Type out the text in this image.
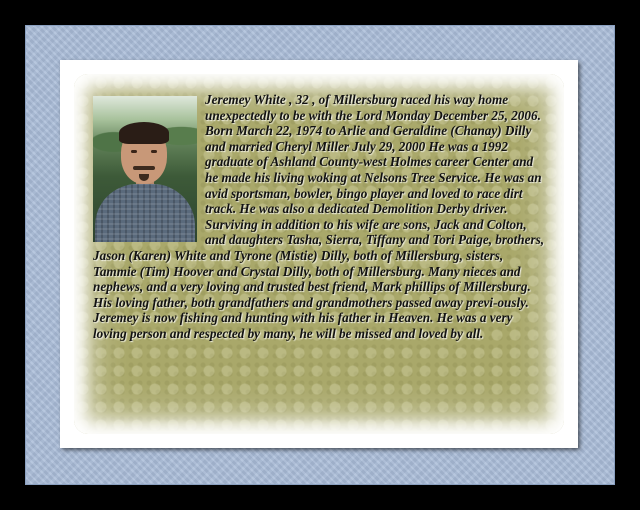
Jeremey White , 32 , of Millersburg raced his way home unexpectedly to be with the Lord Monday December 25, 2006. Born March 22, 1974 to Arlie and Geraldine (Chanay) Dilly and married Cheryl Miller July 29, 2000 He was a 1992 graduate of Ashland County-west Holmes career Center and he made his living woking at Nelsons Tree Service. He was an avid sportsman, bowler, bingo player and loved to race dirt track. He was also a dedicated Demolition Derby driver. Surviving in addition to his wife are sons, Jack and Colton, and daughters Tasha, Sierra, Tiffany and Tori Paige, brothers, Jason (Karen) White and Tyrone (Mistie) Dilly, both of Millersburg, sisters, Tammie (Tim) Hoover and Crystal Dilly, both of Millersburg. Many nieces and nephews, and a very loving and trusted best friend, Mark phillips of Millersburg. His loving father, both grandfathers and grandmothers passed away previ-ously. Jeremey is now fishing and hunting with his father in Heaven. He was a very loving person and respected by many, he will be missed and loved by all.
